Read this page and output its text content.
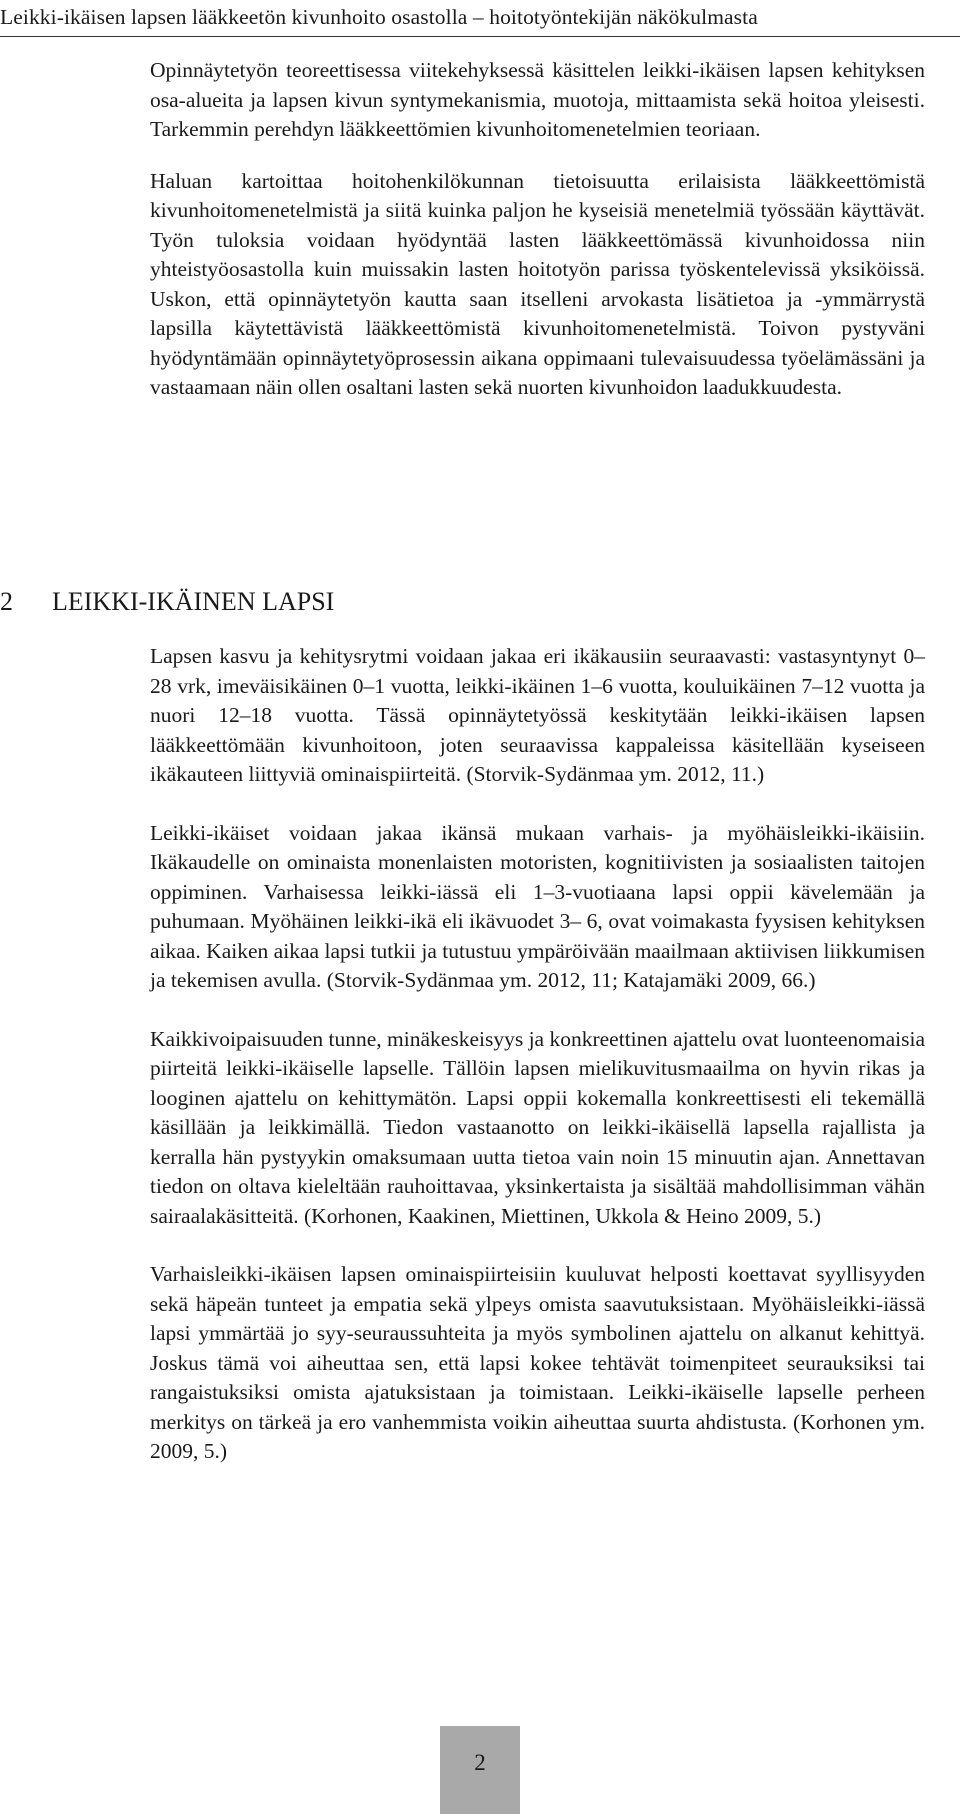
Leikki-ikäisen lapsen lääkkeetön kivunhoito osastolla – hoitotyöntekijän näkökulmasta

Opinnäytetyön teoreettisessa viitekehyksessä käsittelen leikki-ikäisen lapsen kehityksen osa-alueita ja lapsen kivun syntymekanismia, muotoja, mittaamista sekä hoitoa yleisesti. Tarkemmin perehdyn lääkkeettömien kivunhoitomenetelmien teoriaan.

Haluan kartoittaa hoitohenkilökunnan tietoisuutta erilaisista lääkkeettömistä kivunhoitomenetelmistä ja siitä kuinka paljon he kyseisiä menetelmiä työssään käyttävät. Työn tuloksia voidaan hyödyntää lasten lääkkeettömässä kivunhoidossa niin yhteistyöosastolla kuin muissakin lasten hoitotyön parissa työskentelevissä yksiköissä. Uskon, että opinnäytetyön kautta saan itselleni arvokasta lisätietoa ja -ymmärrystä lapsilla käytettävistä lääkkeettömistä kivunhoitomenetelmistä. Toivon pystyväni hyödyntämään opinnäytetyöprosessin aikana oppimaani tulevaisuudessa työelämässäni ja vastaamaan näin ollen osaltani lasten sekä nuorten kivunhoidon laadukkuudesta.

2 LEIKKI-IKÄINEN LAPSI

Lapsen kasvu ja kehitysrytmi voidaan jakaa eri ikäkausiin seuraavasti: vastasyntynyt 0–28 vrk, imeväisikäinen 0–1 vuotta, leikki-ikäinen 1–6 vuotta, kouluikäinen 7–12 vuotta ja nuori 12–18 vuotta. Tässä opinnäytetyössä keskitytään leikki-ikäisen lapsen lääkkeettömään kivunhoitoon, joten seuraavissa kappaleissa käsitellään kyseiseen ikäkauteen liittyviä ominaispiirteitä. (Storvik-Sydänmaa ym. 2012, 11.)

Leikki-ikäiset voidaan jakaa ikänsä mukaan varhais- ja myöhäisleikki-ikäisiin. Ikäkaudelle on ominaista monenlaisten motoristen, kognitiivisten ja sosiaalisten taitojen oppiminen. Varhaisessa leikki-iässä eli 1–3-vuotiaana lapsi oppii kävelemään ja puhumaan. Myöhäinen leikki-ikä eli ikävuodet 3– 6, ovat voimakasta fyysisen kehityksen aikaa. Kaiken aikaa lapsi tutkii ja tutustuu ympäröivään maailmaan aktiivisen liikkumisen ja tekemisen avulla. (Storvik-Sydänmaa ym. 2012, 11; Katajamäki 2009, 66.)

Kaikkivoipaisuuden tunne, minäkeskeisyys ja konkreettinen ajattelu ovat luonteenomaisia piirteitä leikki-ikäiselle lapselle. Tällöin lapsen mielikuvitusmaailma on hyvin rikas ja looginen ajattelu on kehittymätön. Lapsi oppii kokemalla konkreettisesti eli tekemällä käsillään ja leikkimällä. Tiedon vastaanotto on leikki-ikäisellä lapsella rajallista ja kerralla hän pystyykin omaksumaan uutta tietoa vain noin 15 minuutin ajan. Annettavan tiedon on oltava kieleltään rauhoittavaa, yksinkertaista ja sisältää mahdollisimman vähän sairaalakäsitteitä. (Korhonen, Kaakinen, Miettinen, Ukkola & Heino 2009, 5.)

Varhaisleikki-ikäisen lapsen ominaispiirteisiin kuuluvat helposti koettavat syyllisyyden sekä häpeän tunteet ja empatia sekä ylpeys omista saavutuksistaan. Myöhäisleikki-iässä lapsi ymmärtää jo syy-seuraussuhteita ja myös symbolinen ajattelu on alkanut kehittyä. Joskus tämä voi aiheuttaa sen, että lapsi kokee tehtävät toimenpiteet seurauksiksi tai rangaistuksiksi omista ajatuksistaan ja toimistaan. Leikki-ikäiselle lapselle perheen merkitys on tärkeä ja ero vanhemmista voikin aiheuttaa suurta ahdistusta. (Korhonen ym. 2009, 5.)

2
